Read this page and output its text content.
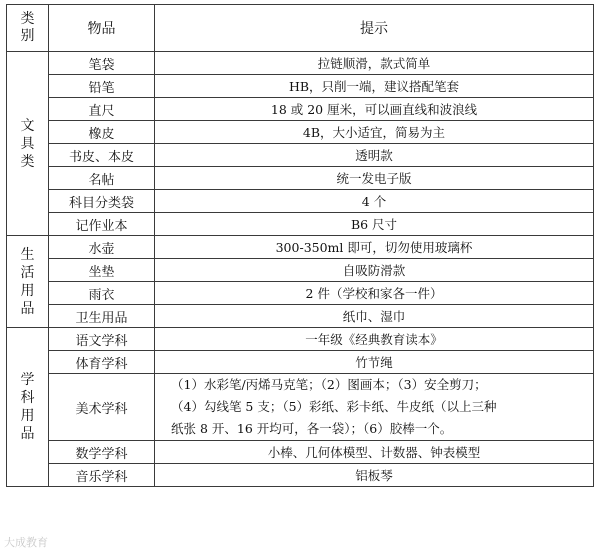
类别	物品	提示
文具类	笔袋	拉链顺滑，款式简单
	铅笔	HB，只削一端，建议搭配笔套
	直尺	18 或 20 厘米，可以画直线和波浪线
	橡皮	4B，大小适宜，简易为主
	书皮、本皮	透明款
	名帖	统一发电子版
	科目分类袋	4 个
	记作业本	B6 尺寸
生活用品	水壶	300-350ml 即可，切勿使用玻璃杯
	坐垫	自吸防滑款
	雨衣	2 件（学校和家各一件）
	卫生用品	纸巾、湿巾
学科用品	语文学科	一年级《经典教育读本》
	体育学科	竹节绳
	美术学科	（1）水彩笔/丙烯马克笔；（2）图画本；（3）安全剪刀；
（4）勾线笔 5 支；（5）彩纸、彩卡纸、牛皮纸（以上三种
纸张 8 开、16 开均可，各一袋）；（6）胶棒一个。
	数学学科	小棒、几何体模型、计数器、钟表模型
	音乐学科	铝板琴
大成教育
